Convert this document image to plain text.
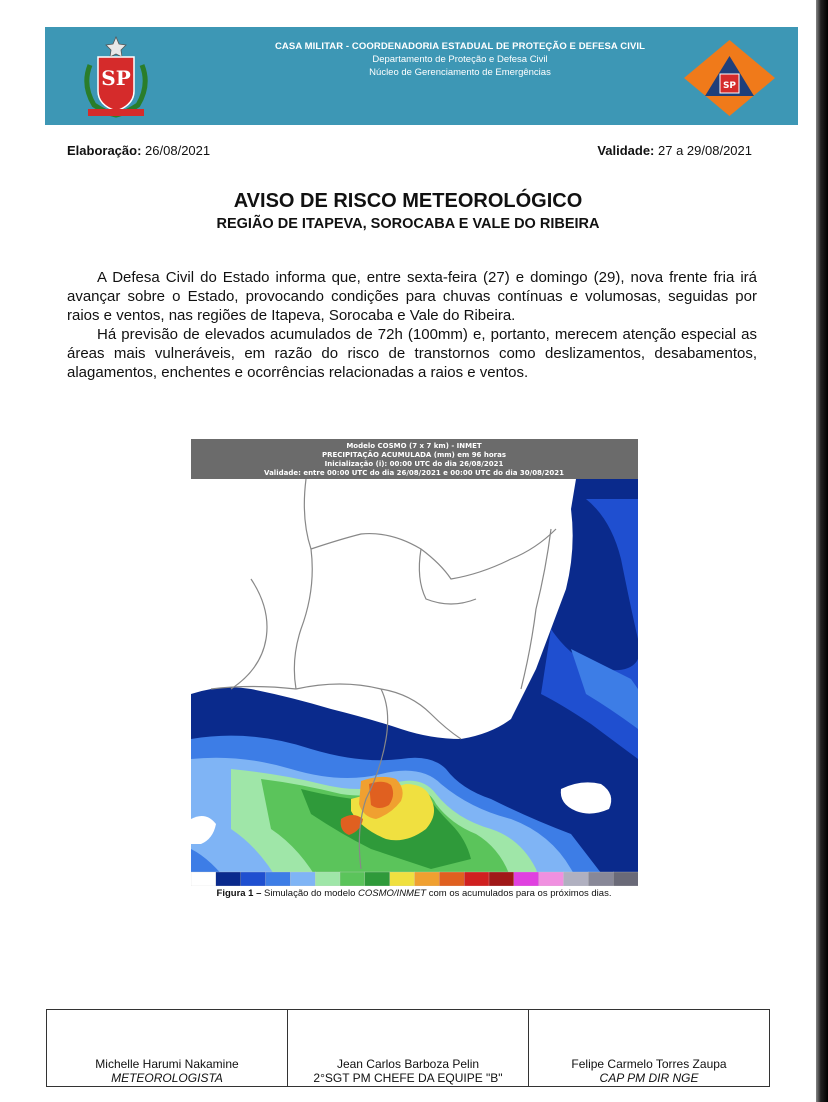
SP
CASA MILITAR - COORDENADORIA ESTADUAL DE PROTEÇÃO E DEFESA CIVIL
Departamento de Proteção e Defesa Civil
Núcleo de Gerenciamento de Emergências
SP
Elaboração: 26/08/2021	Validade: 27 a 29/08/2021
AVISO DE RISCO METEOROLÓGICO
REGIÃO DE ITAPEVA, SOROCABA E VALE DO RIBEIRA

A Defesa Civil do Estado informa que, entre sexta-feira (27) e domingo (29), nova frente fria irá avançar sobre o Estado, provocando condições para chuvas contínuas e volumosas, seguidas por raios e ventos, nas regiões de Itapeva, Sorocaba e Vale do Ribeira.

Há previsão de elevados acumulados de 72h (100mm) e, portanto, merecem atenção especial as áreas mais vulneráveis, em razão do risco de transtornos como deslizamentos, desabamentos, alagamentos, enchentes e ocorrências relacionadas a raios e ventos.

Modelo COSMO (7 x 7 km) - INMET
PRECIPITAÇÃO ACUMULADA (mm) em 96 horas
Inicialização (i): 00:00 UTC do dia 26/08/2021
Validade: entre 00:00 UTC do dia 26/08/2021 e 00:00 UTC do dia 30/08/2021
Figura 1 – Simulação do modelo COSMO/INMET com os acumulados para os próximos dias.
Michelle Harumi Nakamine
METEOROLOGISTA
Jean Carlos Barboza Pelin
2°SGT PM CHEFE DA EQUIPE "B"
Felipe Carmelo Torres Zaupa
CAP PM DIR NGE
